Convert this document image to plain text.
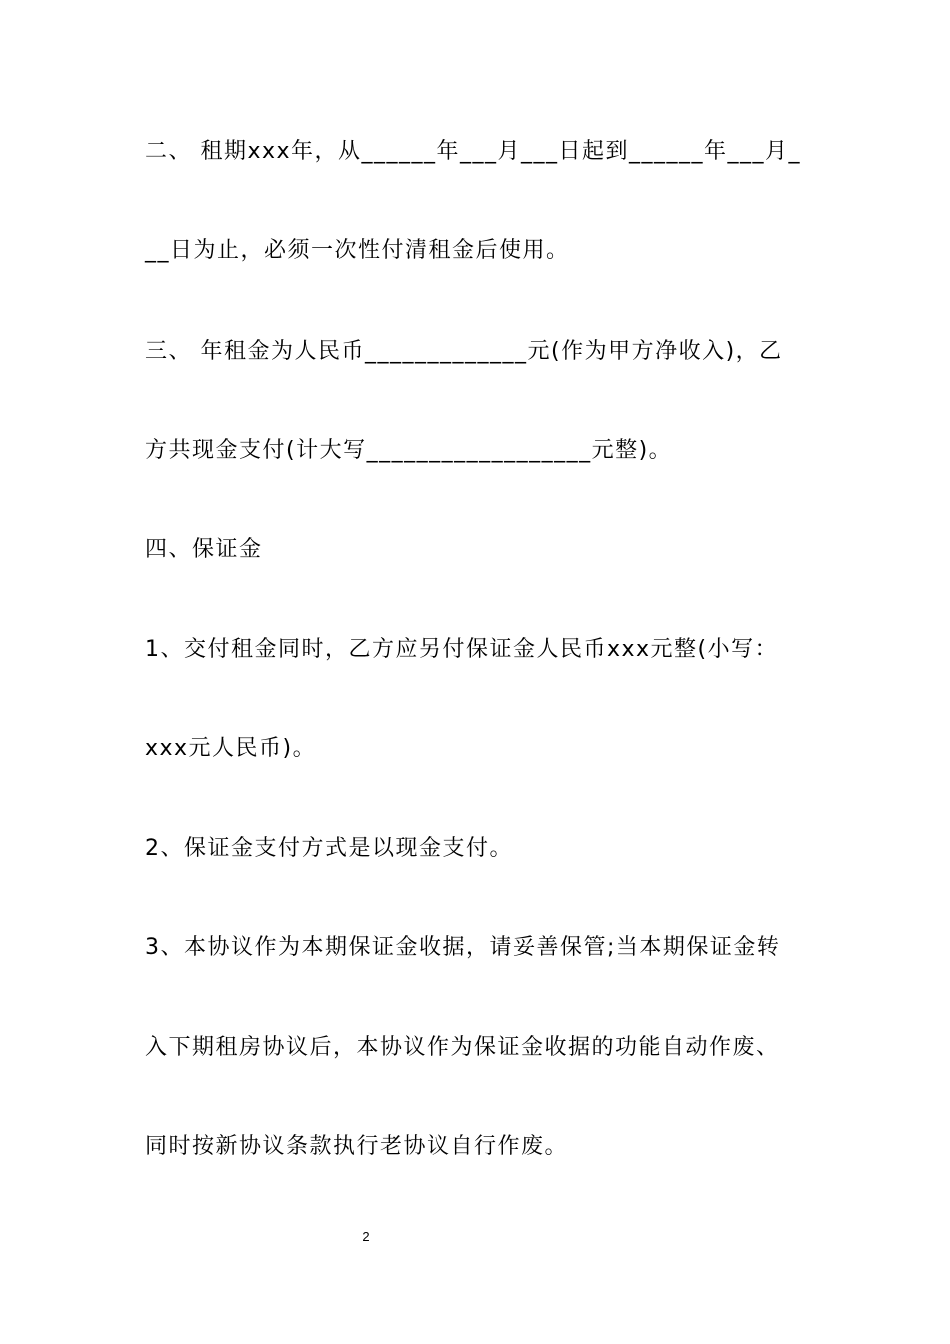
二、 租期xxx年，从______年___月___日起到______年___月_
__日为止，必须一次性付清租金后使用。
三、 年租金为人民币_____________元(作为甲方净收入)，乙
方共现金支付(计大写__________________元整)。
四、保证金
1、交付租金同时，乙方应另付保证金人民币xxx元整(小写：
xxx元人民币)。
2、保证金支付方式是以现金支付。
3、本协议作为本期保证金收据，请妥善保管;当本期保证金转
入下期租房协议后，本协议作为保证金收据的功能自动作废、
同时按新协议条款执行老协议自行作废。
2
